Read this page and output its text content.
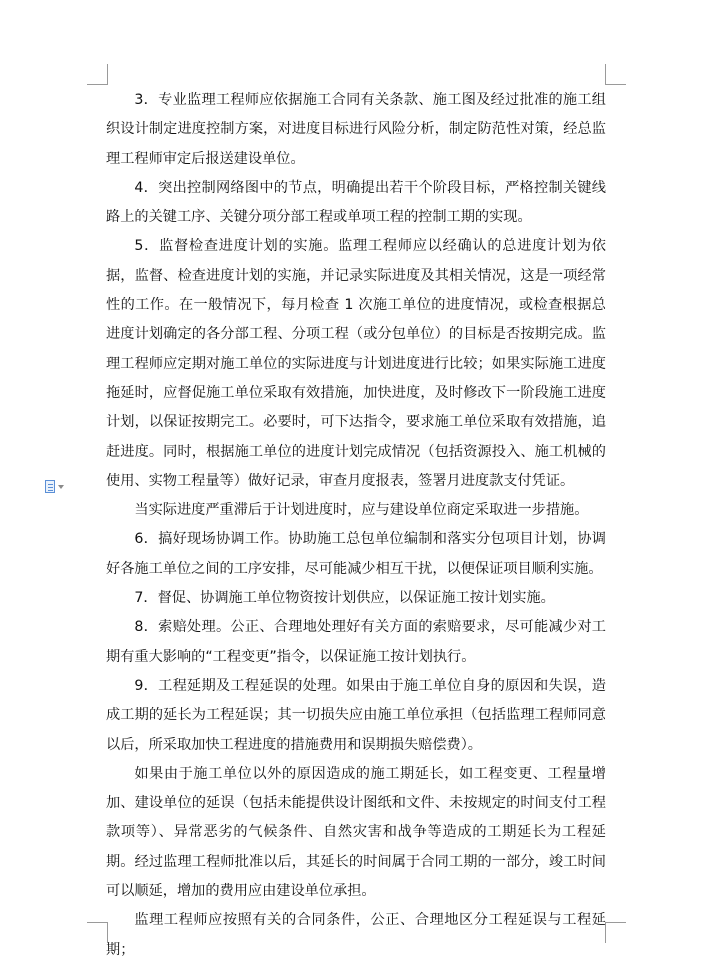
3．专业监理工程师应依据施工合同有关条款、施工图及经过批准的施工组织设计制定进度控制方案，对进度目标进行风险分析，制定防范性对策，经总监理工程师审定后报送建设单位。

4．突出控制网络图中的节点，明确提出若干个阶段目标，严格控制关键线路上的关键工序、关键分项分部工程或单项工程的控制工期的实现。

5．监督检查进度计划的实施。监理工程师应以经确认的总进度计划为依据，监督、检查进度计划的实施，并记录实际进度及其相关情况，这是一项经常性的工作。在一般情况下，每月检查 1 次施工单位的进度情况，或检查根据总进度计划确定的各分部工程、分项工程（或分包单位）的目标是否按期完成。监理工程师应定期对施工单位的实际进度与计划进度进行比较；如果实际施工进度拖延时，应督促施工单位采取有效措施，加快进度，及时修改下一阶段施工进度计划，以保证按期完工。必要时，可下达指令，要求施工单位采取有效措施，追赶进度。同时，根据施工单位的进度计划完成情况（包括资源投入、施工机械的使用、实物工程量等）做好记录，审查月度报表，签署月进度款支付凭证。

当实际进度严重滞后于计划进度时，应与建设单位商定采取进一步措施。

6．搞好现场协调工作。协助施工总包单位编制和落实分包项目计划，协调好各施工单位之间的工序安排，尽可能减少相互干扰，以便保证项目顺利实施。

7．督促、协调施工单位物资按计划供应，以保证施工按计划实施。

8．索赔处理。公正、合理地处理好有关方面的索赔要求，尽可能减少对工期有重大影响的“工程变更”指令，以保证施工按计划执行。

9．工程延期及工程延误的处理。如果由于施工单位自身的原因和失误，造成工期的延长为工程延误；其一切损失应由施工单位承担（包括监理工程师同意以后，所采取加快工程进度的措施费用和误期损失赔偿费）。

如果由于施工单位以外的原因造成的施工期延长，如工程变更、工程量增加、建设单位的延误（包括未能提供设计图纸和文件、未按规定的时间支付工程款项等）、异常恶劣的气候条件、自然灾害和战争等造成的工期延长为工程延期。经过监理工程师批准以后，其延长的时间属于合同工期的一部分，竣工时间可以顺延，增加的费用应由建设单位承担。

监理工程师应按照有关的合同条件，公正、合理地区分工程延误与工程延期；
